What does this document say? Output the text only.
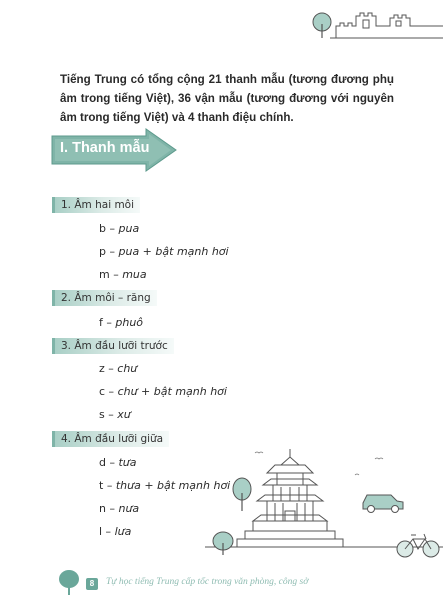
Tiếng Trung có tổng cộng 21 thanh mẫu (tương đương phụ âm trong tiếng Việt), 36 vận mẫu (tương đương với nguyên âm trong tiếng Việt) và 4 thanh điệu chính.
I. Thanh mẫu
1. Âm hai môi
b – pua
p – pua + bật mạnh hơi
m – mua
2. Âm môi – răng
f – phuô
3. Âm đầu lưỡi trước
z – chư
c – chư + bật mạnh hơi
s – xư
4. Âm đầu lưỡi giữa
d – tưa
t – thưa + bật mạnh hơi
n – nưa
l – lưa
8	Tự học tiếng Trung cấp tốc trong văn phòng, công sở
